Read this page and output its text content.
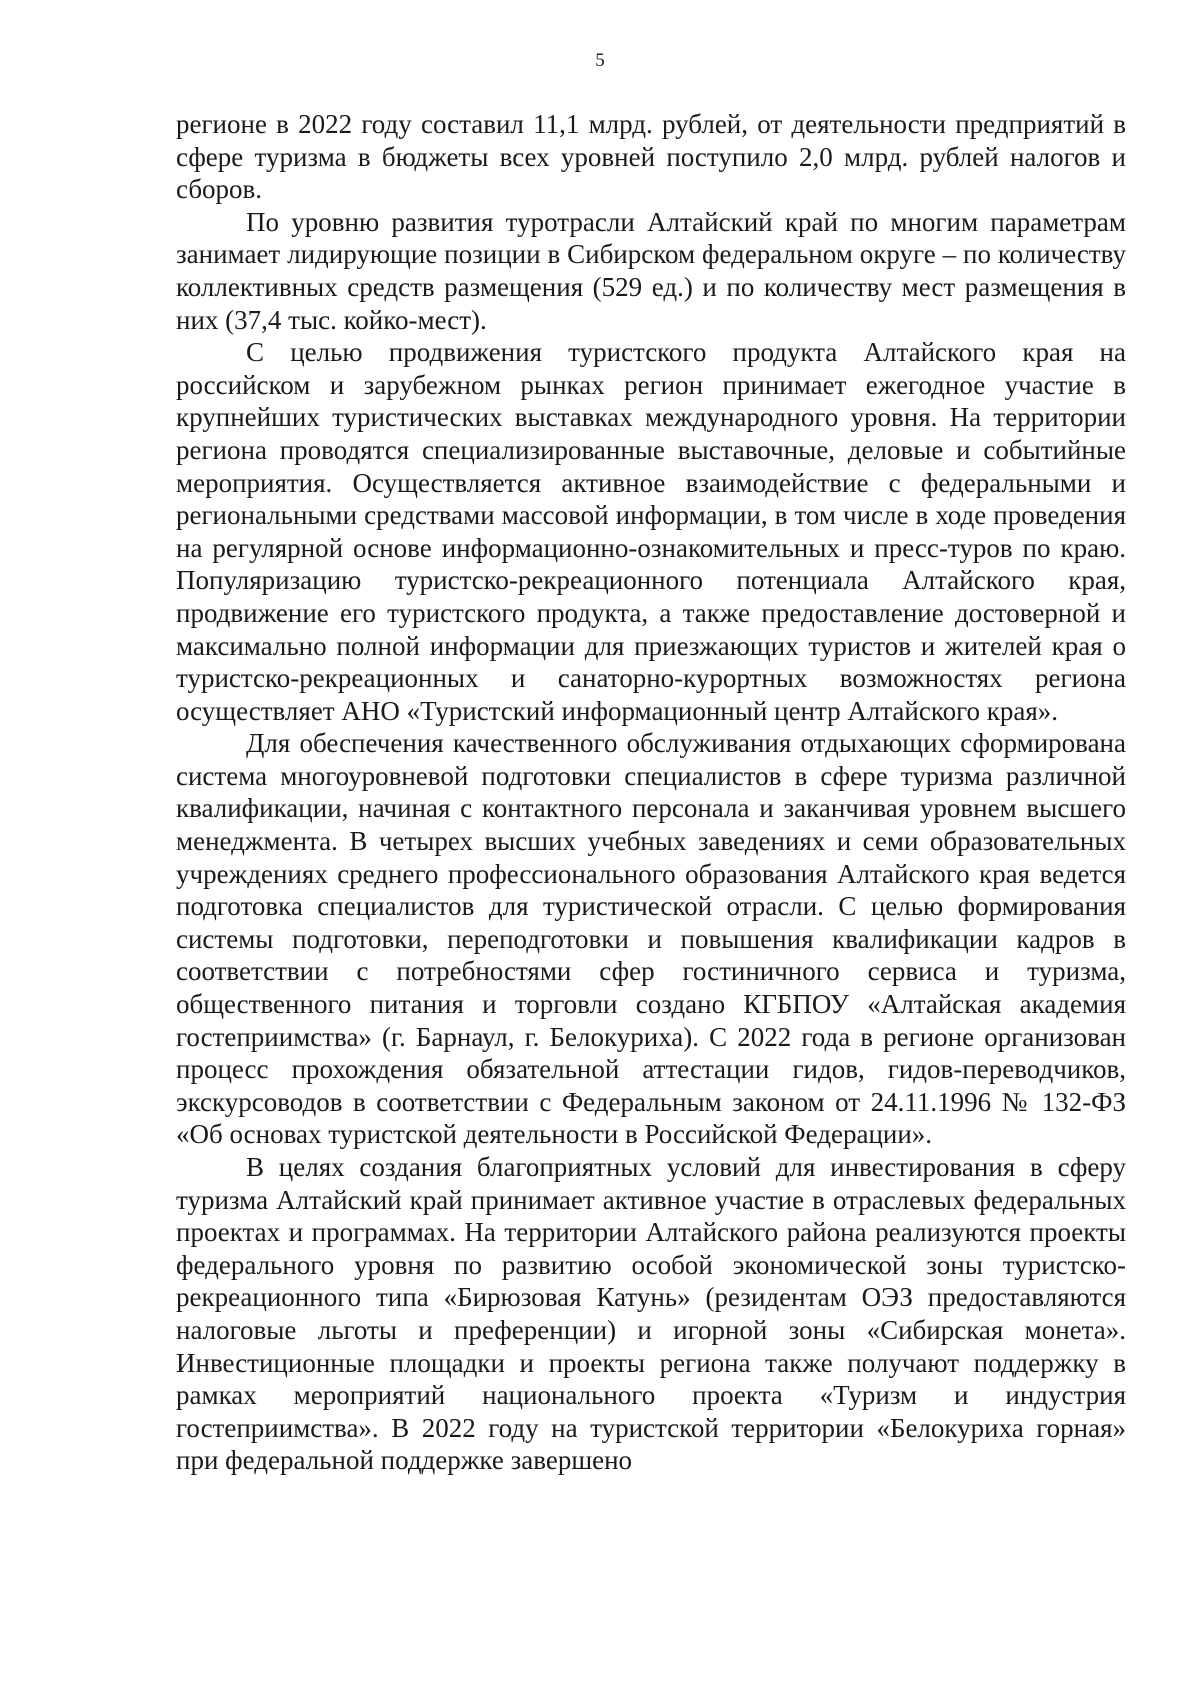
5

регионе в 2022 году составил 11,1 млрд. рублей, от деятельности предприятий в сфере туризма в бюджеты всех уровней поступило 2,0 млрд. рублей налогов и сборов.

По уровню развития туротрасли Алтайский край по многим параметрам занимает лидирующие позиции в Сибирском федеральном округе – по количеству коллективных средств размещения (529 ед.) и по количеству мест размещения в них (37,4 тыс. койко-мест).

С целью продвижения туристского продукта Алтайского края на российском и зарубежном рынках регион принимает ежегодное участие в крупнейших туристических выставках международного уровня. На территории региона проводятся специализированные выставочные, деловые и событийные мероприятия. Осуществляется активное взаимодействие с федеральными и региональными средствами массовой информации, в том числе в ходе проведения на регулярной основе информационно-ознакомительных и пресс-туров по краю. Популяризацию туристско-рекреационного потенциала Алтайского края, продвижение его туристского продукта, а также предоставление достоверной и максимально полной информации для приезжающих туристов и жителей края о туристско-рекреационных и санаторно-курортных возможностях региона осуществляет АНО «Туристский информационный центр Алтайского края».

Для обеспечения качественного обслуживания отдыхающих сформирована система многоуровневой подготовки специалистов в сфере туризма различной квалификации, начиная с контактного персонала и заканчивая уровнем высшего менеджмента. В четырех высших учебных заведениях и семи образовательных учреждениях среднего профессионального образования Алтайского края ведется подготовка специалистов для туристической отрасли. С целью формирования системы подготовки, переподготовки и повышения квалификации кадров в соответствии с потребностями сфер гостиничного сервиса и туризма, общественного питания и торговли создано КГБПОУ «Алтайская академия гостеприимства» (г. Барнаул, г. Белокуриха). С 2022 года в регионе организован процесс прохождения обязательной аттестации гидов, гидов-переводчиков, экскурсоводов в соответствии с Федеральным законом от 24.11.1996 № 132-ФЗ «Об основах туристской деятельности в Российской Федерации».

В целях создания благоприятных условий для инвестирования в сферу туризма Алтайский край принимает активное участие в отраслевых федеральных проектах и программах. На территории Алтайского района реализуются проекты федерального уровня по развитию особой экономической зоны туристско-рекреационного типа «Бирюзовая Катунь» (резидентам ОЭЗ предоставляются налоговые льготы и преференции) и игорной зоны «Сибирская монета». Инвестиционные площадки и проекты региона также получают поддержку в рамках мероприятий национального проекта «Туризм и индустрия гостеприимства». В 2022 году на туристской территории «Белокуриха горная» при федеральной поддержке завершено
